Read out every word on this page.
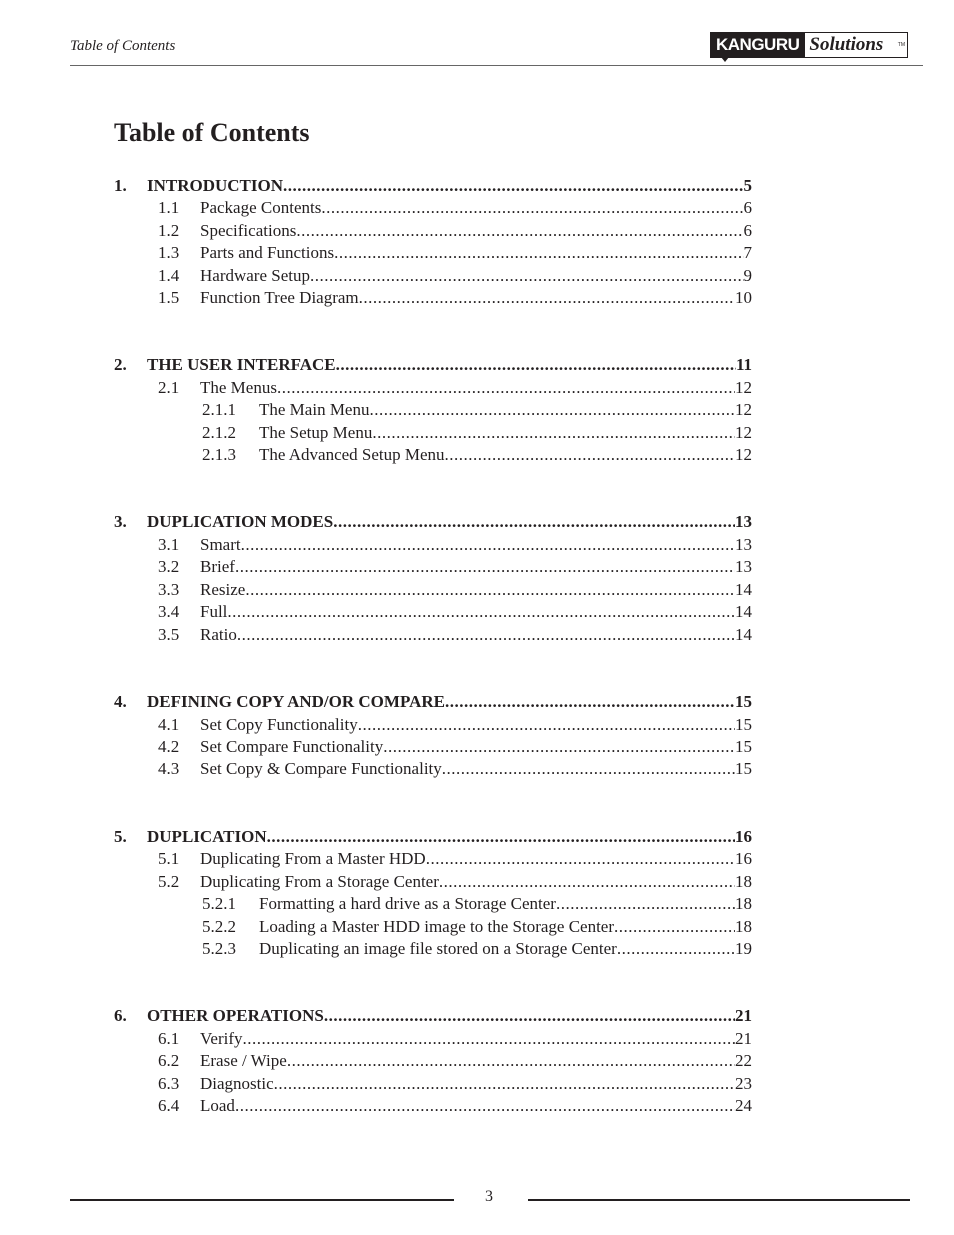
Table of Contents	KANGURU Solutions	TM
Table of Contents
1.	INTRODUCTION .....	5
1.1	Package Contents .....	6
1.2	Specifications .....	6
1.3	Parts and Functions .....	7
1.4	Hardware Setup .....	9
1.5	Function Tree Diagram .....	10
2.	THE USER INTERFACE .....	11
2.1	The Menus .....	12
2.1.1	The Main Menu .....	12
2.1.2	The Setup Menu .....	12
2.1.3	The Advanced Setup Menu .....	12
3.	DUPLICATION MODES .....	13
3.1	Smart .....	13
3.2	Brief .....	13
3.3	Resize .....	14
3.4	Full .....	14
3.5	Ratio .....	14
4.	DEFINING COPY AND/OR COMPARE .....	15
4.1	Set Copy Functionality .....	15
4.2	Set Compare Functionality .....	15
4.3	Set Copy & Compare Functionality .....	15
5.	DUPLICATION .....	16
5.1	Duplicating From a Master HDD .....	16
5.2	Duplicating From a Storage Center .....	18
5.2.1	Formatting a hard drive as a Storage Center .....	18
5.2.2	Loading a Master HDD image to the Storage Center .....	18
5.2.3	Duplicating an image file stored on a Storage Center .....	19
6.	OTHER OPERATIONS .....	21
6.1	Verify .....	21
6.2	Erase / Wipe .....	22
6.3	Diagnostic .....	23
6.4	Load .....	24
3
